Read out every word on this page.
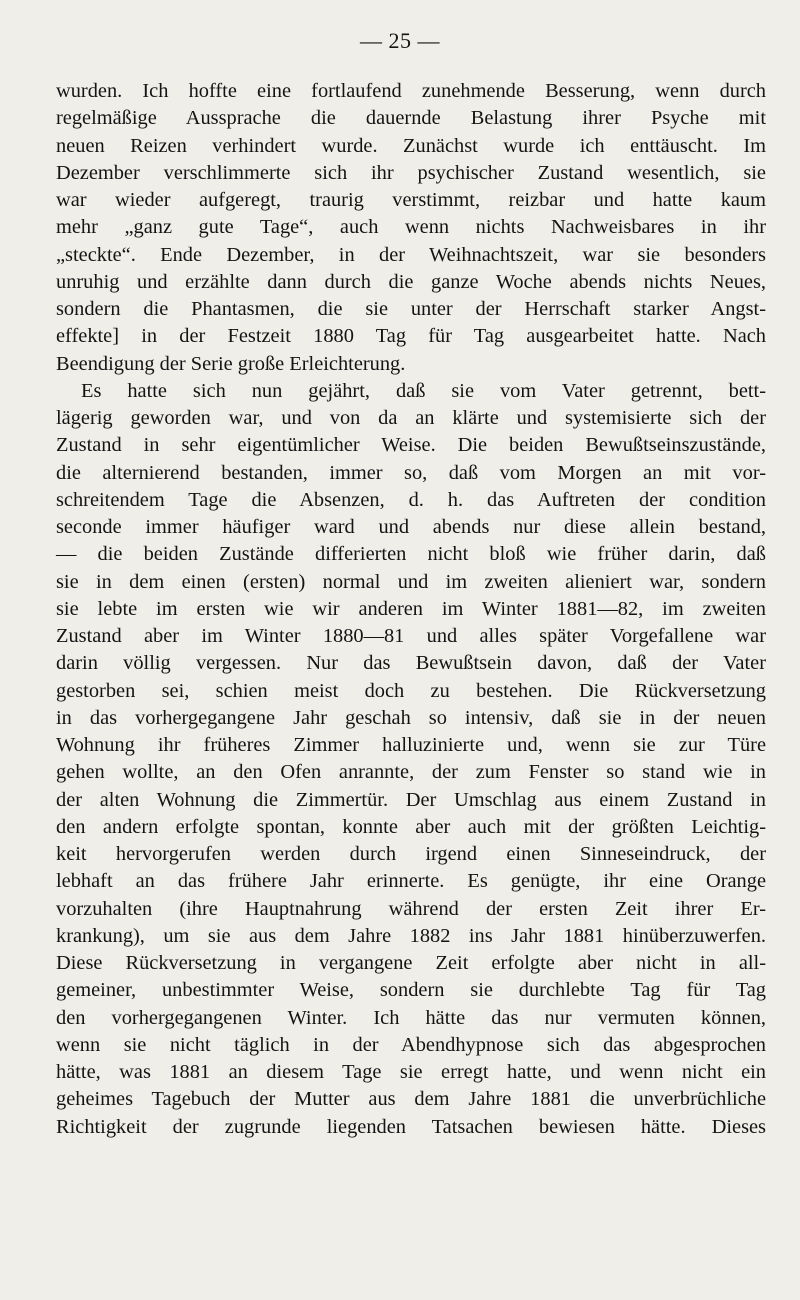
— 25 —
wurden. Ich hoffte eine fortlaufend zunehmende Besserung, wenn durch
regelmäßige Aussprache die dauernde Belastung ihrer Psyche mit
neuen Reizen verhindert wurde. Zunächst wurde ich enttäuscht. Im
Dezember verschlimmerte sich ihr psychischer Zustand wesentlich, sie
war wieder aufgeregt, traurig verstimmt, reizbar und hatte kaum
mehr „ganz gute Tage“, auch wenn nichts Nachweisbares in ihr
„steckte“. Ende Dezember, in der Weihnachtszeit, war sie besonders
unruhig und erzählte dann durch die ganze Woche abends nichts Neues,
sondern die Phantasmen, die sie unter der Herrschaft starker Angst-
effekte] in der Festzeit 1880 Tag für Tag ausgearbeitet hatte. Nach
Beendigung der Serie große Erleichterung.
Es hatte sich nun gejährt, daß sie vom Vater getrennt, bett-
lägerig geworden war, und von da an klärte und systemisierte sich der
Zustand in sehr eigentümlicher Weise. Die beiden Bewußtseinszustände,
die alternierend bestanden, immer so, daß vom Morgen an mit vor-
schreitendem Tage die Absenzen, d. h. das Auftreten der condition
seconde immer häufiger ward und abends nur diese allein bestand,
— die beiden Zustände differierten nicht bloß wie früher darin, daß
sie in dem einen (ersten) normal und im zweiten alieniert war, sondern
sie lebte im ersten wie wir anderen im Winter 1881—82, im zweiten
Zustand aber im Winter 1880—81 und alles später Vorgefallene war
darin völlig vergessen. Nur das Bewußtsein davon, daß der Vater
gestorben sei, schien meist doch zu bestehen. Die Rückversetzung
in das vorhergegangene Jahr geschah so intensiv, daß sie in der neuen
Wohnung ihr früheres Zimmer halluzinierte und, wenn sie zur Türe
gehen wollte, an den Ofen anrannte, der zum Fenster so stand wie in
der alten Wohnung die Zimmertür. Der Umschlag aus einem Zustand in
den andern erfolgte spontan, konnte aber auch mit der größten Leichtig-
keit hervorgerufen werden durch irgend einen Sinneseindruck, der
lebhaft an das frühere Jahr erinnerte. Es genügte, ihr eine Orange
vorzuhalten (ihre Hauptnahrung während der ersten Zeit ihrer Er-
krankung), um sie aus dem Jahre 1882 ins Jahr 1881 hinüberzuwerfen.
Diese Rückversetzung in vergangene Zeit erfolgte aber nicht in all-
gemeiner, unbestimmter Weise, sondern sie durchlebte Tag für Tag
den vorhergegangenen Winter. Ich hätte das nur vermuten können,
wenn sie nicht täglich in der Abendhypnose sich das abgesprochen
hätte, was 1881 an diesem Tage sie erregt hatte, und wenn nicht ein
geheimes Tagebuch der Mutter aus dem Jahre 1881 die unverbrüchliche
Richtigkeit der zugrunde liegenden Tatsachen bewiesen hätte. Dieses
